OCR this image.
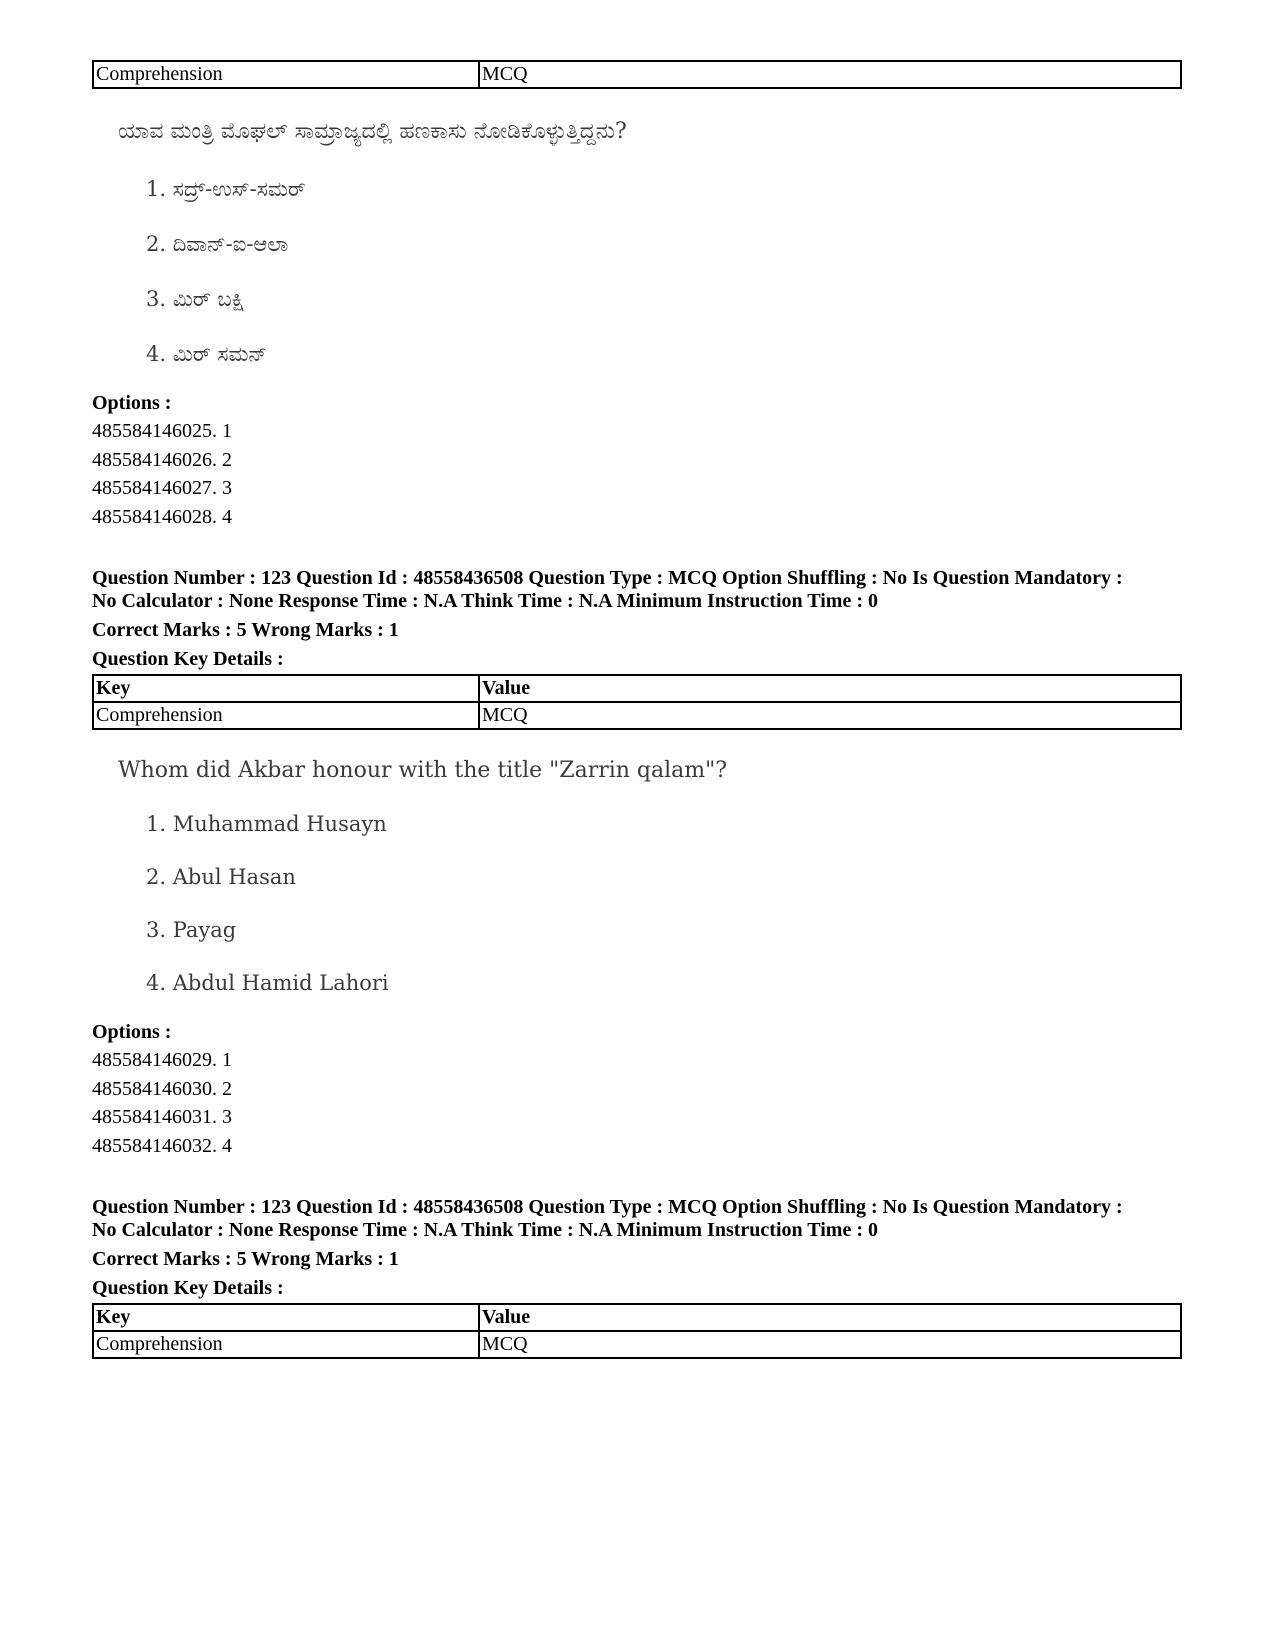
Comprehension	MCQ
ಯಾವ ಮಂತ್ರಿ ಮೊಘಲ್ ಸಾಮ್ರಾಜ್ಯದಲ್ಲಿ ಹಣಕಾಸು ನೋಡಿಕೊಳ್ಳುತ್ತಿದ್ದನು?
1. ಸದ್ರ್-ಉಸ್-ಸಮರ್
2. ದಿವಾನ್-ಐ-ಆಲಾ
3. ಮಿರ್ ಬಕ್ಷಿ
4. ಮಿರ್ ಸಮನ್
Options :
485584146025. 1
485584146026. 2
485584146027. 3
485584146028. 4
Question Number : 123 Question Id : 48558436508 Question Type : MCQ Option Shuffling : No Is Question Mandatory :
No Calculator : None Response Time : N.A Think Time : N.A Minimum Instruction Time : 0
Correct Marks : 5 Wrong Marks : 1
Question Key Details :
Key	Value
Comprehension	MCQ
Whom did Akbar honour with the title "Zarrin qalam"?
1. Muhammad Husayn
2. Abul Hasan
3. Payag
4. Abdul Hamid Lahori
Options :
485584146029. 1
485584146030. 2
485584146031. 3
485584146032. 4
Question Number : 123 Question Id : 48558436508 Question Type : MCQ Option Shuffling : No Is Question Mandatory :
No Calculator : None Response Time : N.A Think Time : N.A Minimum Instruction Time : 0
Correct Marks : 5 Wrong Marks : 1
Question Key Details :
Key	Value
Comprehension	MCQ
